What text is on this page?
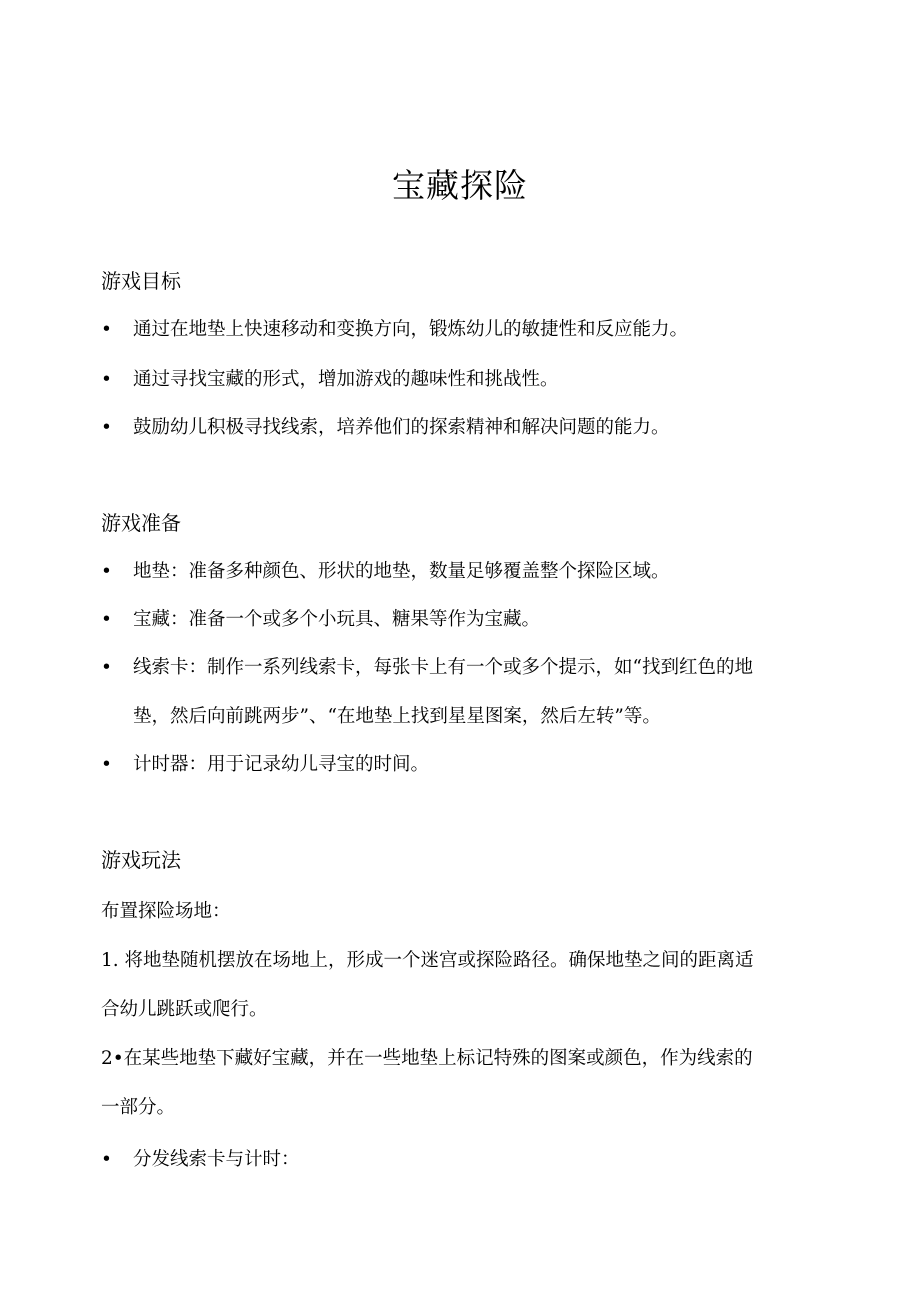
宝藏探险
游戏目标
•	通过在地垫上快速移动和变换方向，锻炼幼儿的敏捷性和反应能力。
•	通过寻找宝藏的形式，增加游戏的趣味性和挑战性。
•	鼓励幼儿积极寻找线索，培养他们的探索精神和解决问题的能力。
游戏准备
•	地垫：准备多种颜色、形状的地垫，数量足够覆盖整个探险区域。
•	宝藏：准备一个或多个小玩具、糖果等作为宝藏。
•	线索卡：制作一系列线索卡，每张卡上有一个或多个提示，如“找到红色的地
垫，然后向前跳两步”、“在地垫上找到星星图案，然后左转”等。
•	计时器：用于记录幼儿寻宝的时间。
游戏玩法
布置探险场地：
1. 将地垫随机摆放在场地上，形成一个迷宫或探险路径。确保地垫之间的距离适
合幼儿跳跃或爬行。
2•在某些地垫下藏好宝藏，并在一些地垫上标记特殊的图案或颜色，作为线索的
一部分。
•	分发线索卡与计时：
